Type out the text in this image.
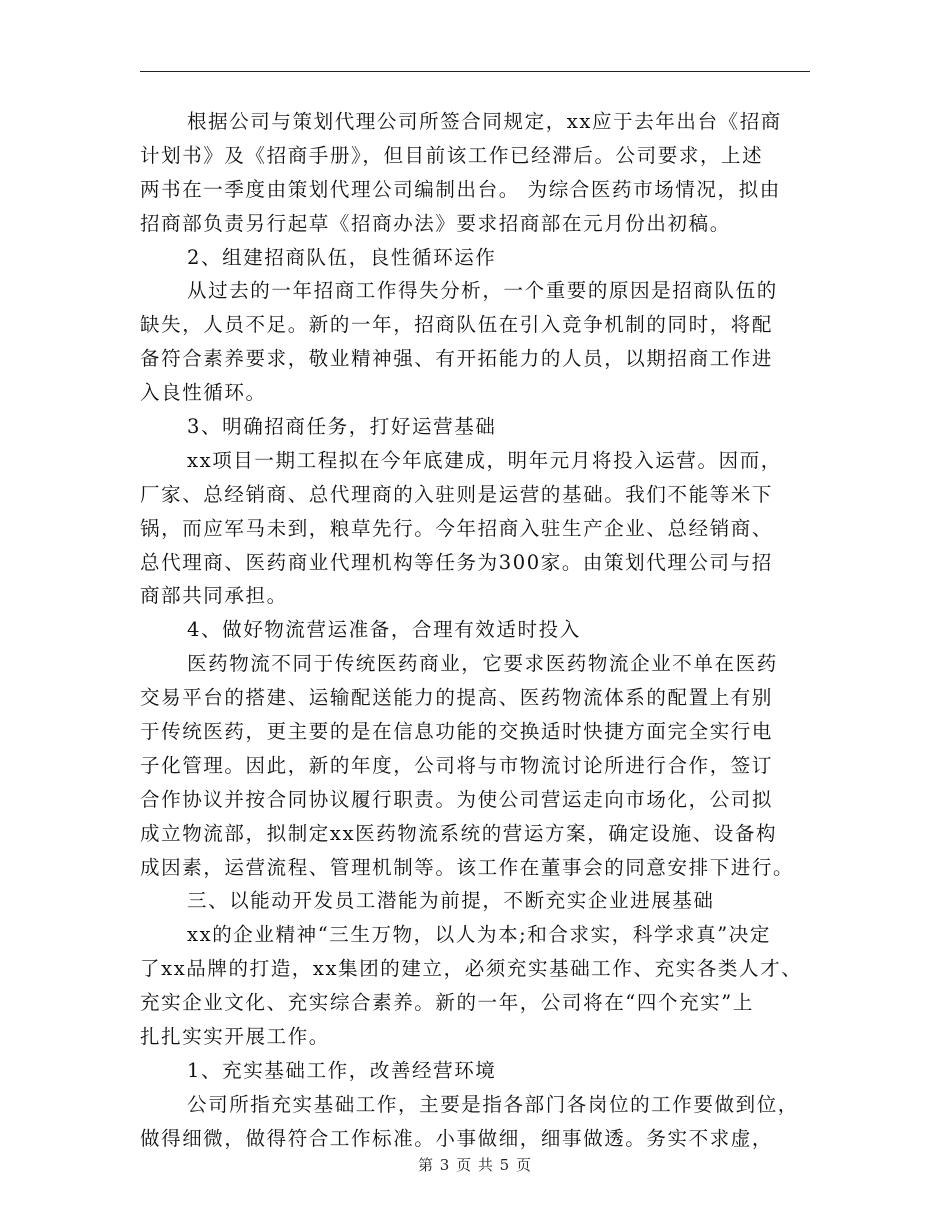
根据公司与策划代理公司所签合同规定，xx应于去年出台《招商
计划书》及《招商手册》，但目前该工作已经滞后。公司要求，上述
两书在一季度由策划代理公司编制出台。 为综合医药市场情况，拟由
招商部负责另行起草《招商办法》要求招商部在元月份出初稿。
2、组建招商队伍，良性循环运作
从过去的一年招商工作得失分析，一个重要的原因是招商队伍的
缺失，人员不足。新的一年，招商队伍在引入竞争机制的同时，将配
备符合素养要求，敬业精神强、有开拓能力的人员，以期招商工作进
入良性循环。
3、明确招商任务，打好运营基础
xx项目一期工程拟在今年底建成，明年元月将投入运营。因而，
厂家、总经销商、总代理商的入驻则是运营的基础。我们不能等米下
锅，而应军马未到，粮草先行。今年招商入驻生产企业、总经销商、
总代理商、医药商业代理机构等任务为300家。由策划代理公司与招
商部共同承担。
4、做好物流营运准备，合理有效适时投入
医药物流不同于传统医药商业，它要求医药物流企业不单在医药
交易平台的搭建、运输配送能力的提高、医药物流体系的配置上有别
于传统医药，更主要的是在信息功能的交换适时快捷方面完全实行电
子化管理。因此，新的年度，公司将与市物流讨论所进行合作，签订
合作协议并按合同协议履行职责。为使公司营运走向市场化，公司拟
成立物流部，拟制定xx医药物流系统的营运方案，确定设施、设备构
成因素，运营流程、管理机制等。该工作在董事会的同意安排下进行。
三、以能动开发员工潜能为前提，不断充实企业进展基础
xx的企业精神“三生万物，以人为本;和合求实，科学求真”决定
了xx品牌的打造，xx集团的建立，必须充实基础工作、充实各类人才、
充实企业文化、充实综合素养。新的一年，公司将在“四个充实”上
扎扎实实开展工作。
1、充实基础工作，改善经营环境
公司所指充实基础工作，主要是指各部门各岗位的工作要做到位，
做得细微，做得符合工作标准。小事做细，细事做透。务实不求虚，
第 3 页 共 5 页
